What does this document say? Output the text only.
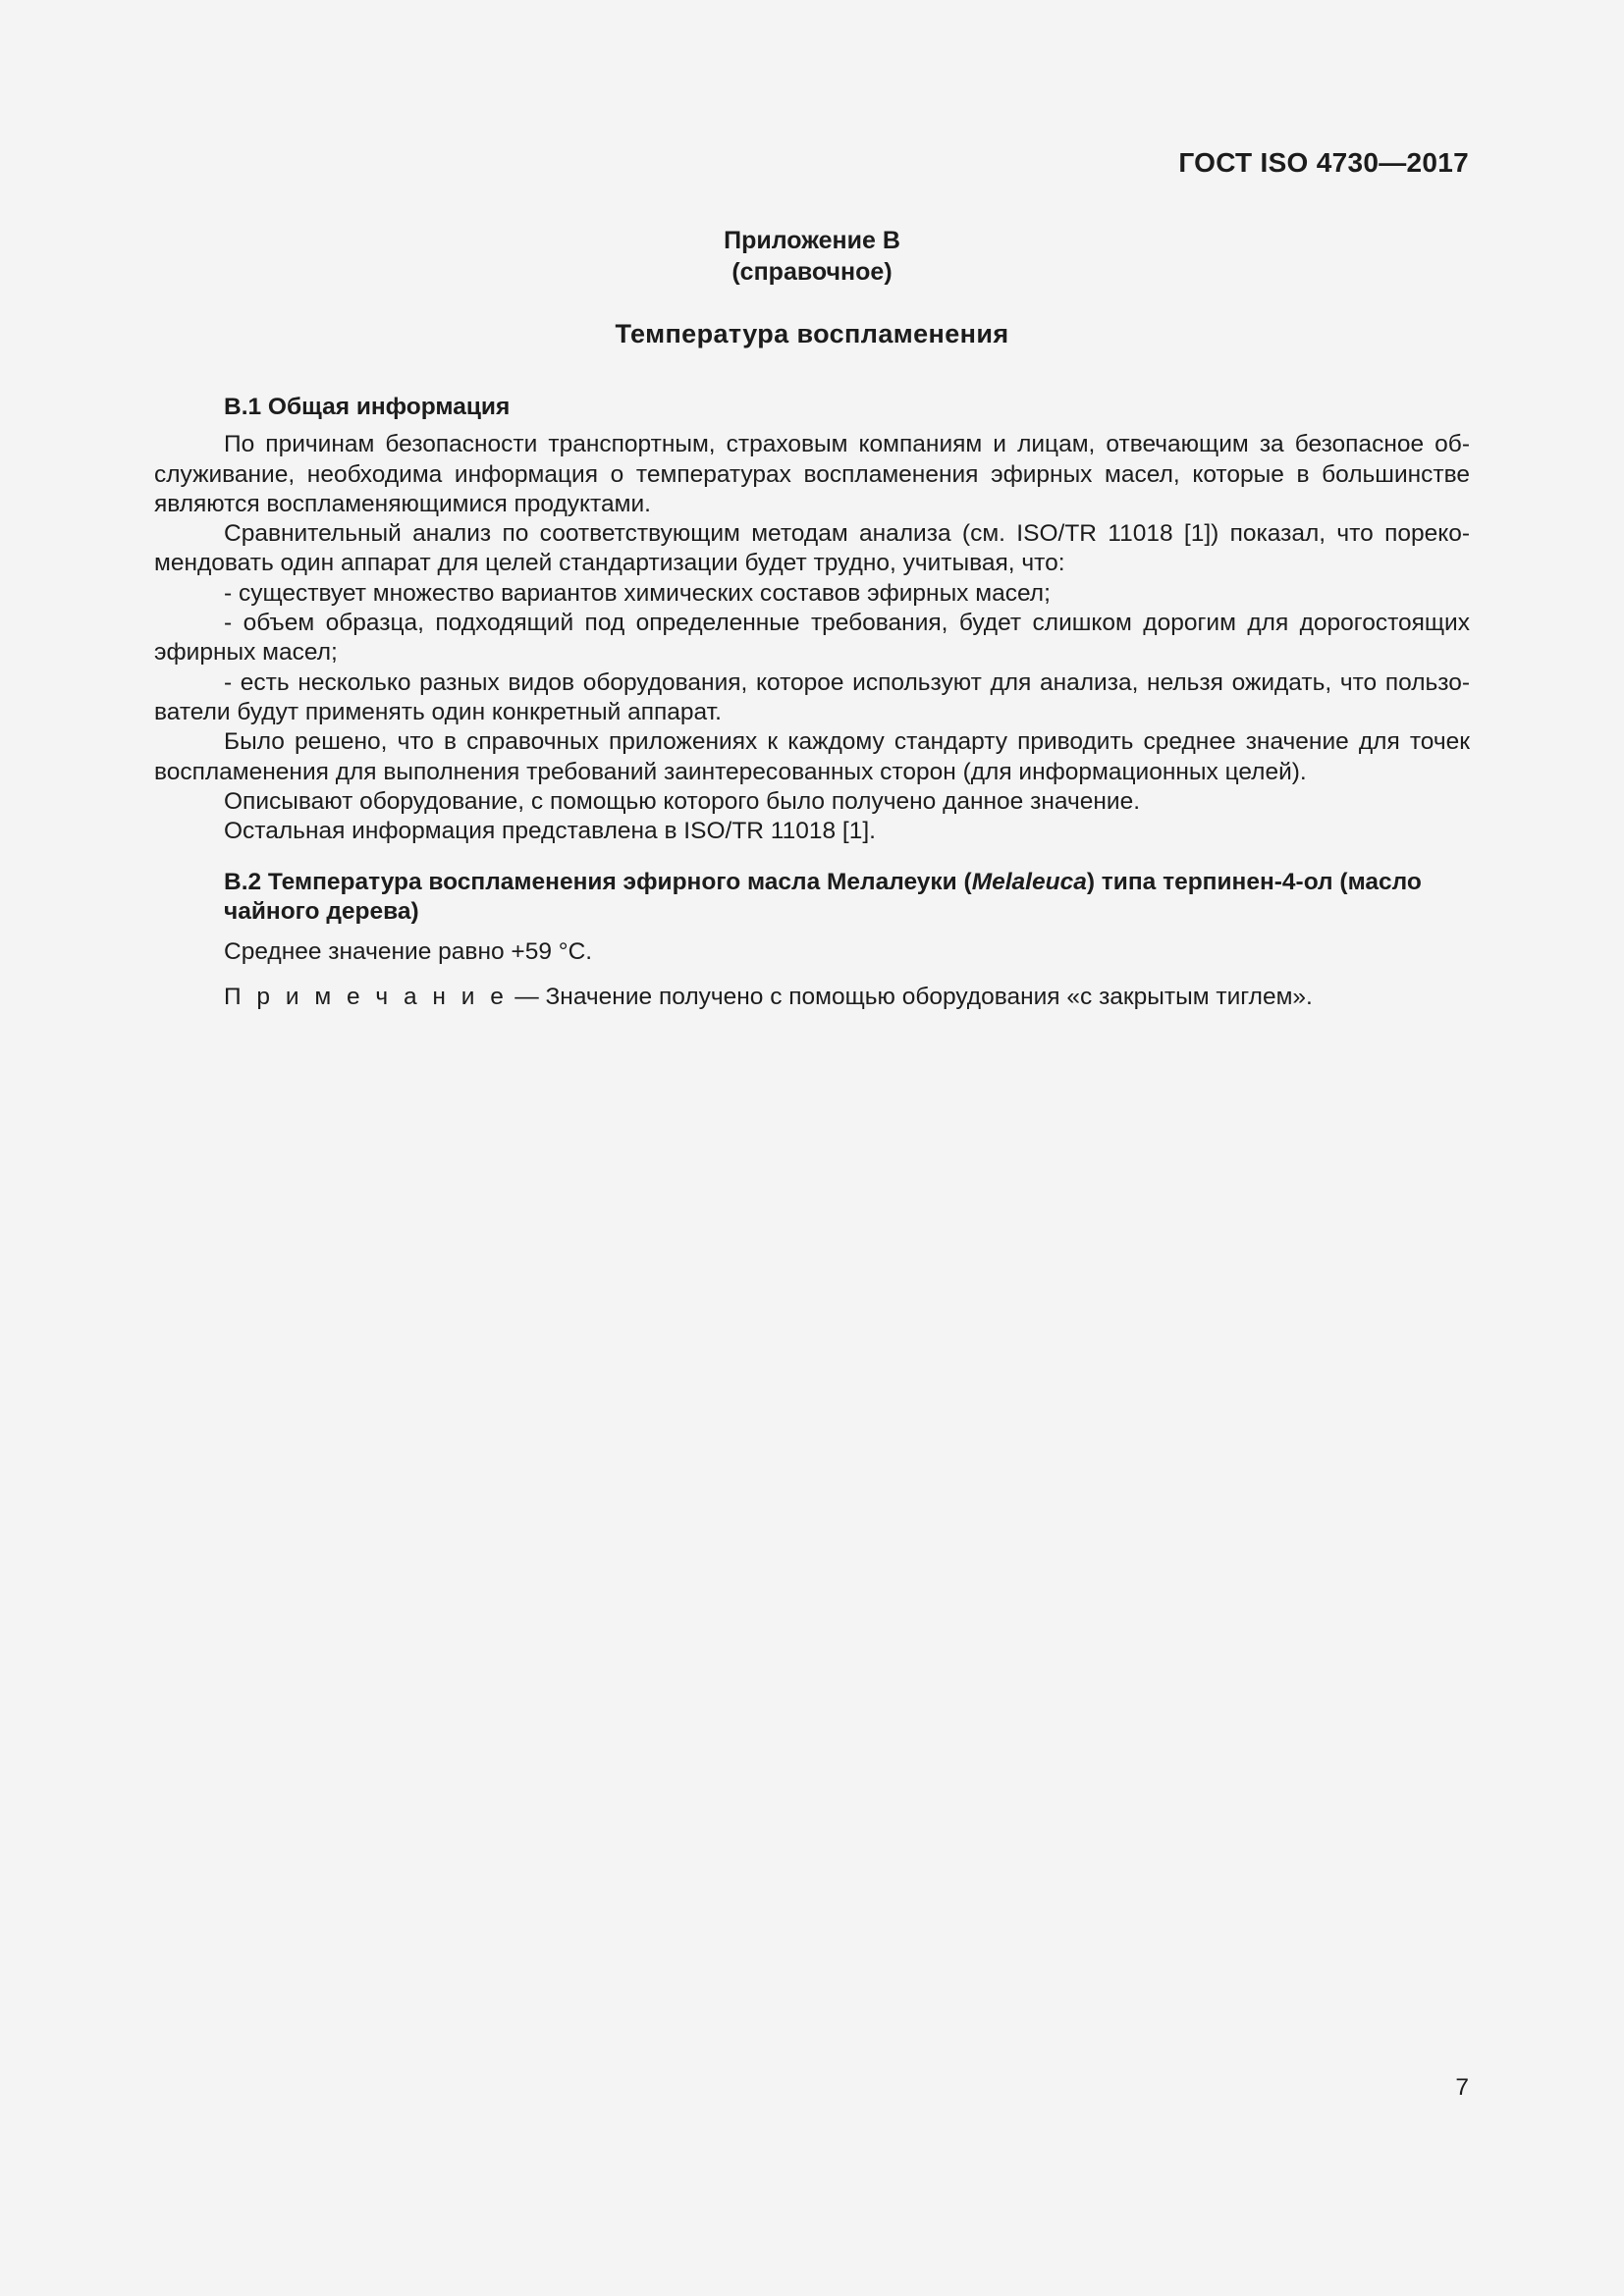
ГОСТ ISO 4730—2017
Приложение В
(справочное)
Температура воспламенения

В.1 Общая информация

По причинам безопасности транспортным, страховым компаниям и лицам, отвечающим за безопасное об-служивание, необходима информация о температурах воспламенения эфирных масел, которые в большинстве являются воспламеняющимися продуктами.

Сравнительный анализ по соответствующим методам анализа (см. ISO/TR 11018 [1]) показал, что пореко-мендовать один аппарат для целей стандартизации будет трудно, учитывая, что:

- существует множество вариантов химических составов эфирных масел;

- объем образца, подходящий под определенные требования, будет слишком дорогим для дорогостоящих эфирных масел;

- есть несколько разных видов оборудования, которое используют для анализа, нельзя ожидать, что пользо-ватели будут применять один конкретный аппарат.

Было решено, что в справочных приложениях к каждому стандарту приводить среднее значение для точек воспламенения для выполнения требований заинтересованных сторон (для информационных целей).

Описывают оборудование, с помощью которого было получено данное значение.

Остальная информация представлена в ISO/TR 11018 [1].

В.2 Температура воспламенения эфирного масла Мелалеуки (Melaleuca) типа терпинен-4-ол (масло чайного дерева)

Среднее значение равно +59 °С.

П р и м е ч а н и е — Значение получено с помощью оборудования «с закрытым тиглем».

7
